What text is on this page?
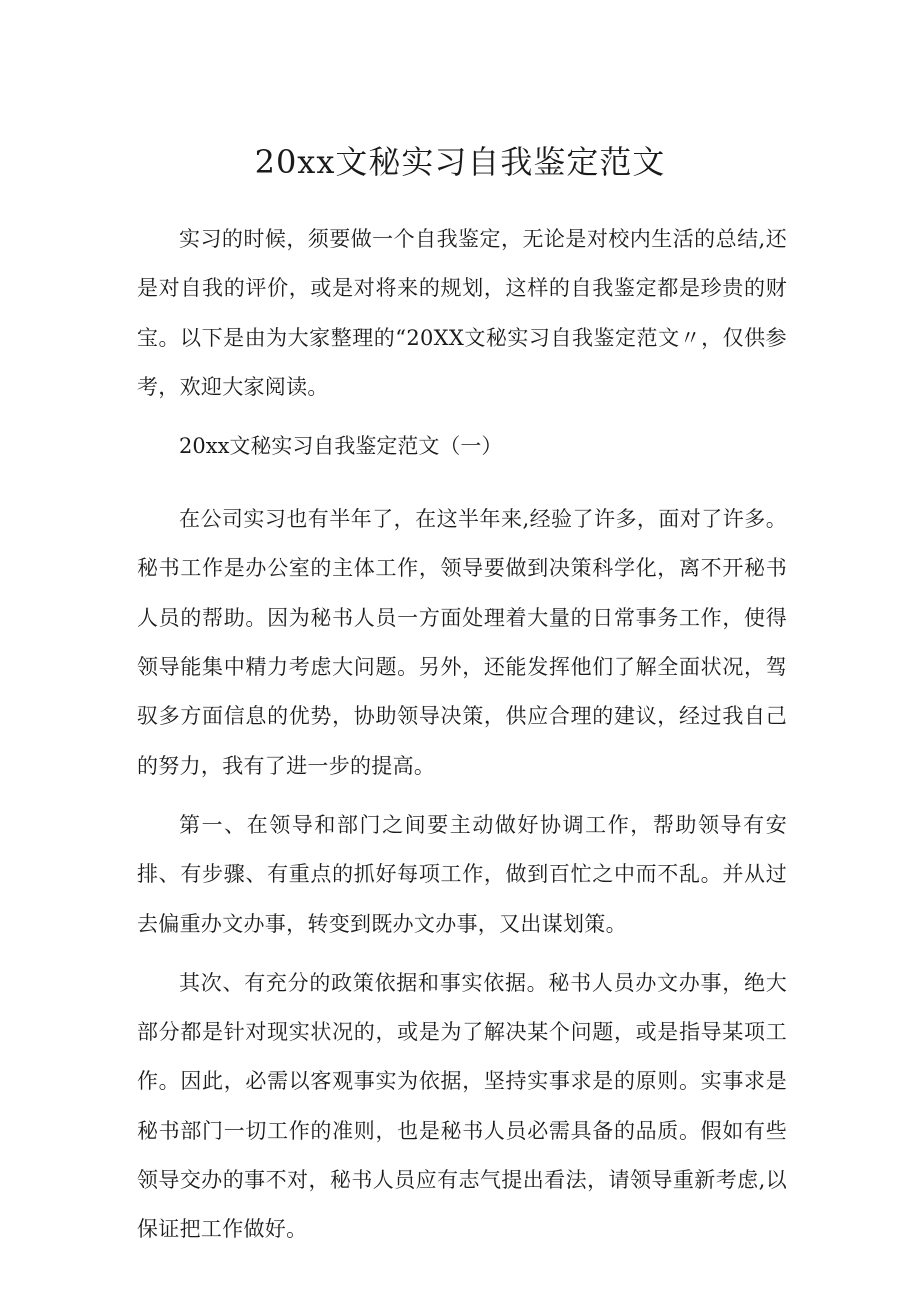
20xx文秘实习自我鉴定范文

实习的时候，须要做一个自我鉴定，无论是对校内生活的总结,还是对自我的评价，或是对将来的规划，这样的自我鉴定都是珍贵的财宝。以下是由为大家整理的“20XX文秘实习自我鉴定范文〃，仅供参考，欢迎大家阅读。

20xx文秘实习自我鉴定范文（一）

在公司实习也有半年了，在这半年来,经验了许多，面对了许多。秘书工作是办公室的主体工作，领导要做到决策科学化，离不开秘书人员的帮助。因为秘书人员一方面处理着大量的日常事务工作，使得领导能集中精力考虑大问题。另外，还能发挥他们了解全面状况，驾驭多方面信息的优势，协助领导决策，供应合理的建议，经过我自己的努力，我有了进一步的提高。

第一、在领导和部门之间要主动做好协调工作，帮助领导有安排、有步骤、有重点的抓好每项工作，做到百忙之中而不乱。并从过去偏重办文办事，转变到既办文办事，又出谋划策。

其次、有充分的政策依据和事实依据。秘书人员办文办事，绝大部分都是针对现实状况的，或是为了解决某个问题，或是指导某项工作。因此，必需以客观事实为依据，坚持实事求是的原则。实事求是秘书部门一切工作的准则，也是秘书人员必需具备的品质。假如有些领导交办的事不对，秘书人员应有志气提出看法，请领导重新考虑,以保证把工作做好。
